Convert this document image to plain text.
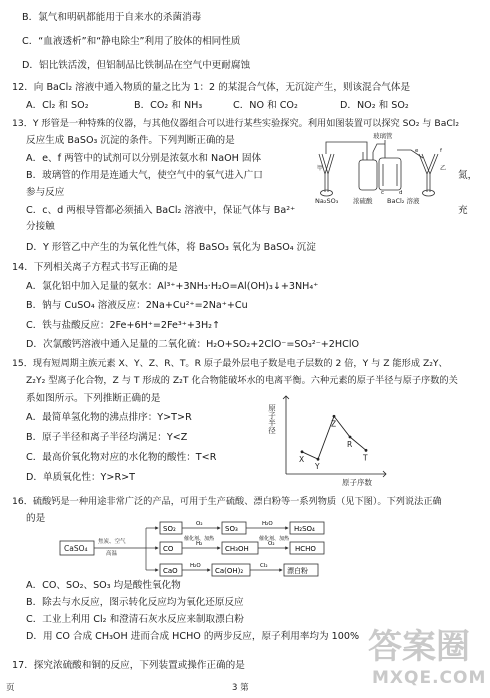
B．氯气和明矾都能用于自来水的杀菌消毒
C．“血液透析”和“静电除尘”利用了胶体的相同性质
D．铝比铁活泼，但铝制品比铁制品在空气中更耐腐蚀
12．向 BaCl₂ 溶液中通入物质的量之比为 1：2 的某混合气体，无沉淀产生，则该混合气体是
A．Cl₂ 和 SO₂	B．CO₂ 和 NH₃	C．NO 和 CO₂	D．NO₂ 和 SO₂
13．Y 形管是一种特殊的仪器，与其他仪器组合可以进行某些实验探究。利用如图装置可以探究 SO₂ 与 BaCl₂
反应生成 BaSO₃ 沉淀的条件。下列判断正确的是
A．e、f 两管中的试剂可以分别是浓氨水和 NaOH 固体
B．玻璃管的作用是连通大气，使空气中的氧气进入广口	氮，
参与反应
C．c、d 两根导管都必须插入 BaCl₂ 溶液中，保证气体与 Ba²⁺	充
分接触
D．Y 形管乙中产生的为氧化性气体，将 BaSO₃ 氧化为 BaSO₄ 沉淀
14．下列相关离子方程式书写正确的是
A．氯化铝中加入足量的氨水：Al³⁺+3NH₃·H₂O=Al(OH)₃↓+3NH₄⁺
B．钠与 CuSO₄ 溶液反应：2Na+Cu²⁺=2Na⁺+Cu
C．铁与盐酸反应：2Fe+6H⁺=2Fe³⁺+3H₂↑
D．次氯酸钙溶液中通入足量的二氧化硫：H₂O+SO₂+2ClO⁻=SO₃²⁻+2HClO
15．现有短周期主族元素 X、Y、Z、R、T。R 原子最外层电子数是电子层数的 2 倍，Y 与 Z 能形成 Z₂Y、
Z₂Y₂ 型离子化合物，Z 与 T 形成的 Z₂T 化合物能破坏水的电离平衡。六种元素的原子半径与原子序数的关
系如图所示。下列推断正确的是
A．最简单氢化物的沸点排序：Y>T>R
B．原子半径和离子半径均满足：Y<Z
C．最高价氧化物对应的水化物的酸性：T<R
D．单质氧化性：Y>R>T
16．硫酸钙是一种用途非常广泛的产品，可用于生产硫酸、漂白粉等一系列物质（见下图）。下列说法正确
的是
A．CO、SO₂、SO₃ 均是酸性氧化物
B．除去与水反应，图示转化反应均为氧化还原反应
C．工业上利用 Cl₂ 和澄清石灰水反应来制取漂白粉
D．用 CO 合成 CH₃OH 进而合成 HCHO 的两步反应，原子利用率均为 100%
17．探究浓硫酸和铜的反应，下列装置或操作正确的是
玻璃管
Na₂SO₃ 浓硫酸 BaCl₂ 溶液
甲	乙
c	d
e	f
原子半径
原子序数
X
Y
Z
R
T
CaSO₄
焦炭、空气
高温
SO₂	SO₃	H₂SO₄
CO	CH₃OH	HCHO
CaO	Ca(OH)₂	漂白粉
O₂	H₂O
催化剂、加热
H₂
催化剂、加热
O₂
H₂O	Cl₂
页	3 第
答案圈
MXQE.COM
